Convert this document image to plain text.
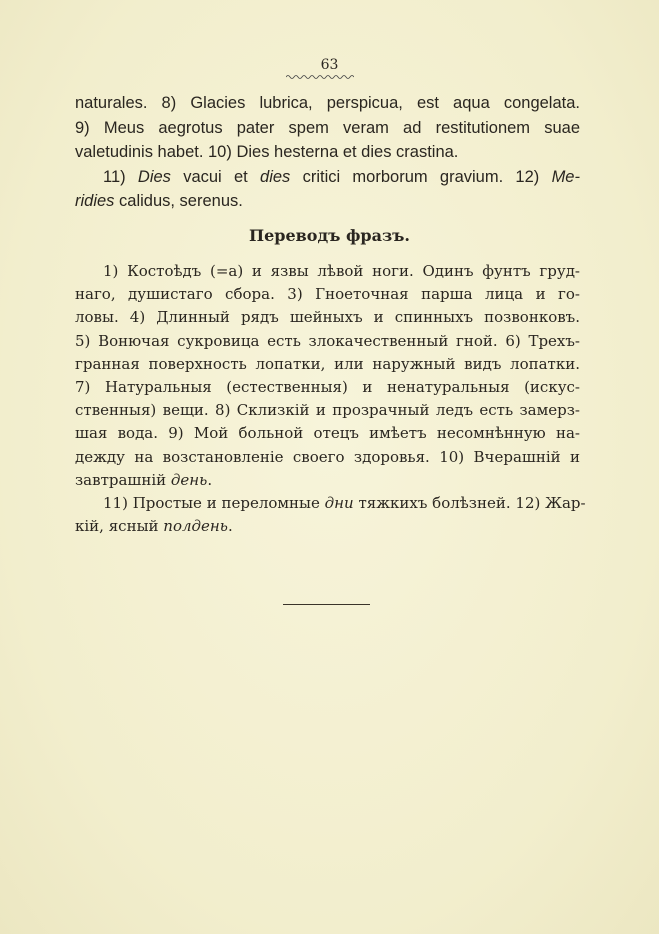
63
naturales. 8) Glacies lubrica, perspicua, est aqua congelata.
9) Meus aegrotus pater spem veram ad restitutionem suae
valetudinis habet. 10) Dies hesterna et dies crastina.
11) Dies vacui et dies critici morborum gravium. 12) Me-
ridies calidus, serenus.
Переводъ фразъ.
1) Костоѣдъ (=а) и язвы лѣвой ноги. Одинъ фунтъ груд-
наго, душистаго сбора. 3) Гноеточная парша лица и го-
ловы. 4) Длинный рядъ шейныхъ и спинныхъ позвонковъ.
5) Вонючая сукровица есть злокачественный гной. 6) Трехъ-
гранная поверхность лопатки, или наружный видъ лопатки.
7) Натуральныя (естественныя) и ненатуральныя (искус-
ственныя) вещи. 8) Склизкій и прозрачный ледъ есть замерз-
шая вода. 9) Мой больной отецъ имѣетъ несомнѣнную на-
дежду на возстановленіе своего здоровья. 10) Вчерашній и
завтрашній день.
11) Простые и переломные дни тяжкихъ болѣзней. 12) Жар-
кій, ясный полдень.
